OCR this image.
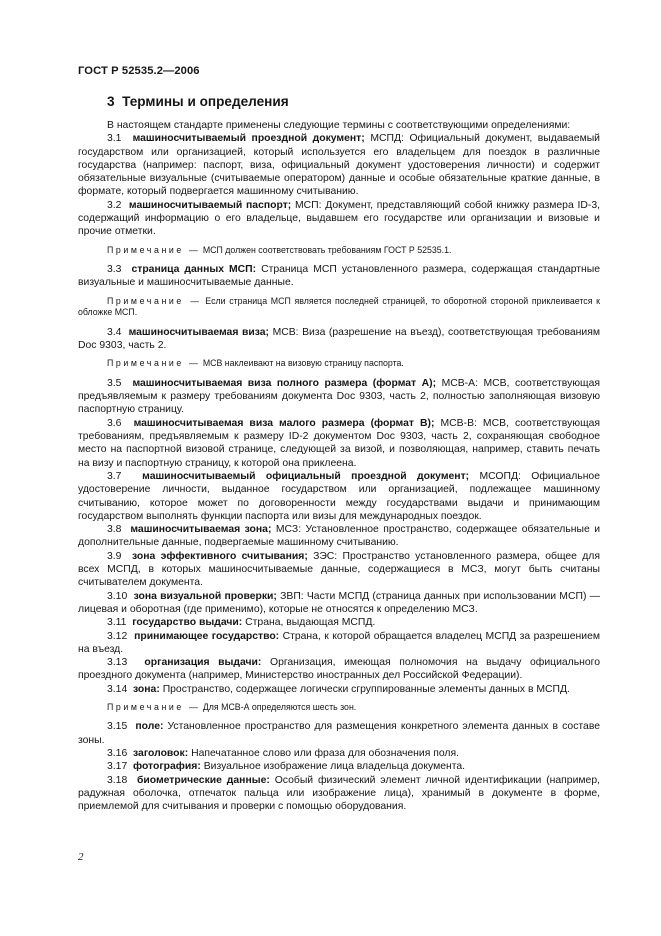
ГОСТ Р 52535.2—2006
3 Термины и определения

В настоящем стандарте применены следующие термины с соответствующими определениями:

3.1 машиносчитываемый проездной документ; МСПД: Официальный документ, выдаваемый государством или организацией, который используется его владельцем для поездок в различные государства (например: паспорт, виза, официальный документ удостоверения личности) и содержит обязательные визуальные (считываемые оператором) данные и особые обязательные краткие данные, в формате, который подвергается машинному считыванию.

3.2 машиносчитываемый паспорт; МСП: Документ, представляющий собой книжку размера ID-3, содержащий информацию о его владельце, выдавшем его государстве или организации и визовые и прочие отметки.

Примечание — МСП должен соответствовать требованиям ГОСТ Р 52535.1.

3.3 страница данных МСП: Страница МСП установленного размера, содержащая стандартные визуальные и машиносчитываемые данные.

Примечание — Если страница МСП является последней страницей, то оборотной стороной приклеивается к обложке МСП.

3.4 машиносчитываемая виза; МСВ: Виза (разрешение на въезд), соответствующая требованиям Doc 9303, часть 2.

Примечание — МСВ наклеивают на визовую страницу паспорта.

3.5 машиносчитываемая виза полного размера (формат А); МСВ-А: МСВ, соответствующая предъявляемым к размеру требованиям документа Doc 9303, часть 2, полностью заполняющая визовую паспортную страницу.

3.6 машиносчитываемая виза малого размера (формат В); МСВ-В: МСВ, соответствующая требованиям, предъявляемым к размеру ID-2 документом Doc 9303, часть 2, сохраняющая свободное место на паспортной визовой странице, следующей за визой, и позволяющая, например, ставить печать на визу и паспортную страницу, к которой она приклеена.

3.7 машиносчитываемый официальный проездной документ; МСОПД: Официальное удостоверение личности, выданное государством или организацией, подлежащее машинному считыванию, которое может по договоренности между государствами выдачи и принимающим государством выполнять функции паспорта или визы для международных поездок.

3.8 машиносчитываемая зона; МСЗ: Установленное пространство, содержащее обязательные и дополнительные данные, подвергаемые машинному считыванию.

3.9 зона эффективного считывания; ЗЭС: Пространство установленного размера, общее для всех МСПД, в которых машиносчитываемые данные, содержащиеся в МСЗ, могут быть считаны считывателем документа.

3.10 зона визуальной проверки; ЗВП: Части МСПД (страница данных при использовании МСП) — лицевая и оборотная (где применимо), которые не относятся к определению МСЗ.

3.11 государство выдачи: Страна, выдающая МСПД.

3.12 принимающее государство: Страна, к которой обращается владелец МСПД за разрешением на въезд.

3.13 организация выдачи: Организация, имеющая полномочия на выдачу официального проездного документа (например, Министерство иностранных дел Российской Федерации).

3.14 зона: Пространство, содержащее логически сгруппированные элементы данных в МСПД.

Примечание — Для МСВ-А определяются шесть зон.

3.15 поле: Установленное пространство для размещения конкретного элемента данных в составе зоны.

3.16 заголовок: Напечатанное слово или фраза для обозначения поля.

3.17 фотография: Визуальное изображение лица владельца документа.

3.18 биометрические данные: Особый физический элемент личной идентификации (например, радужная оболочка, отпечаток пальца или изображение лица), хранимый в документе в форме, приемлемой для считывания и проверки с помощью оборудования.

2
